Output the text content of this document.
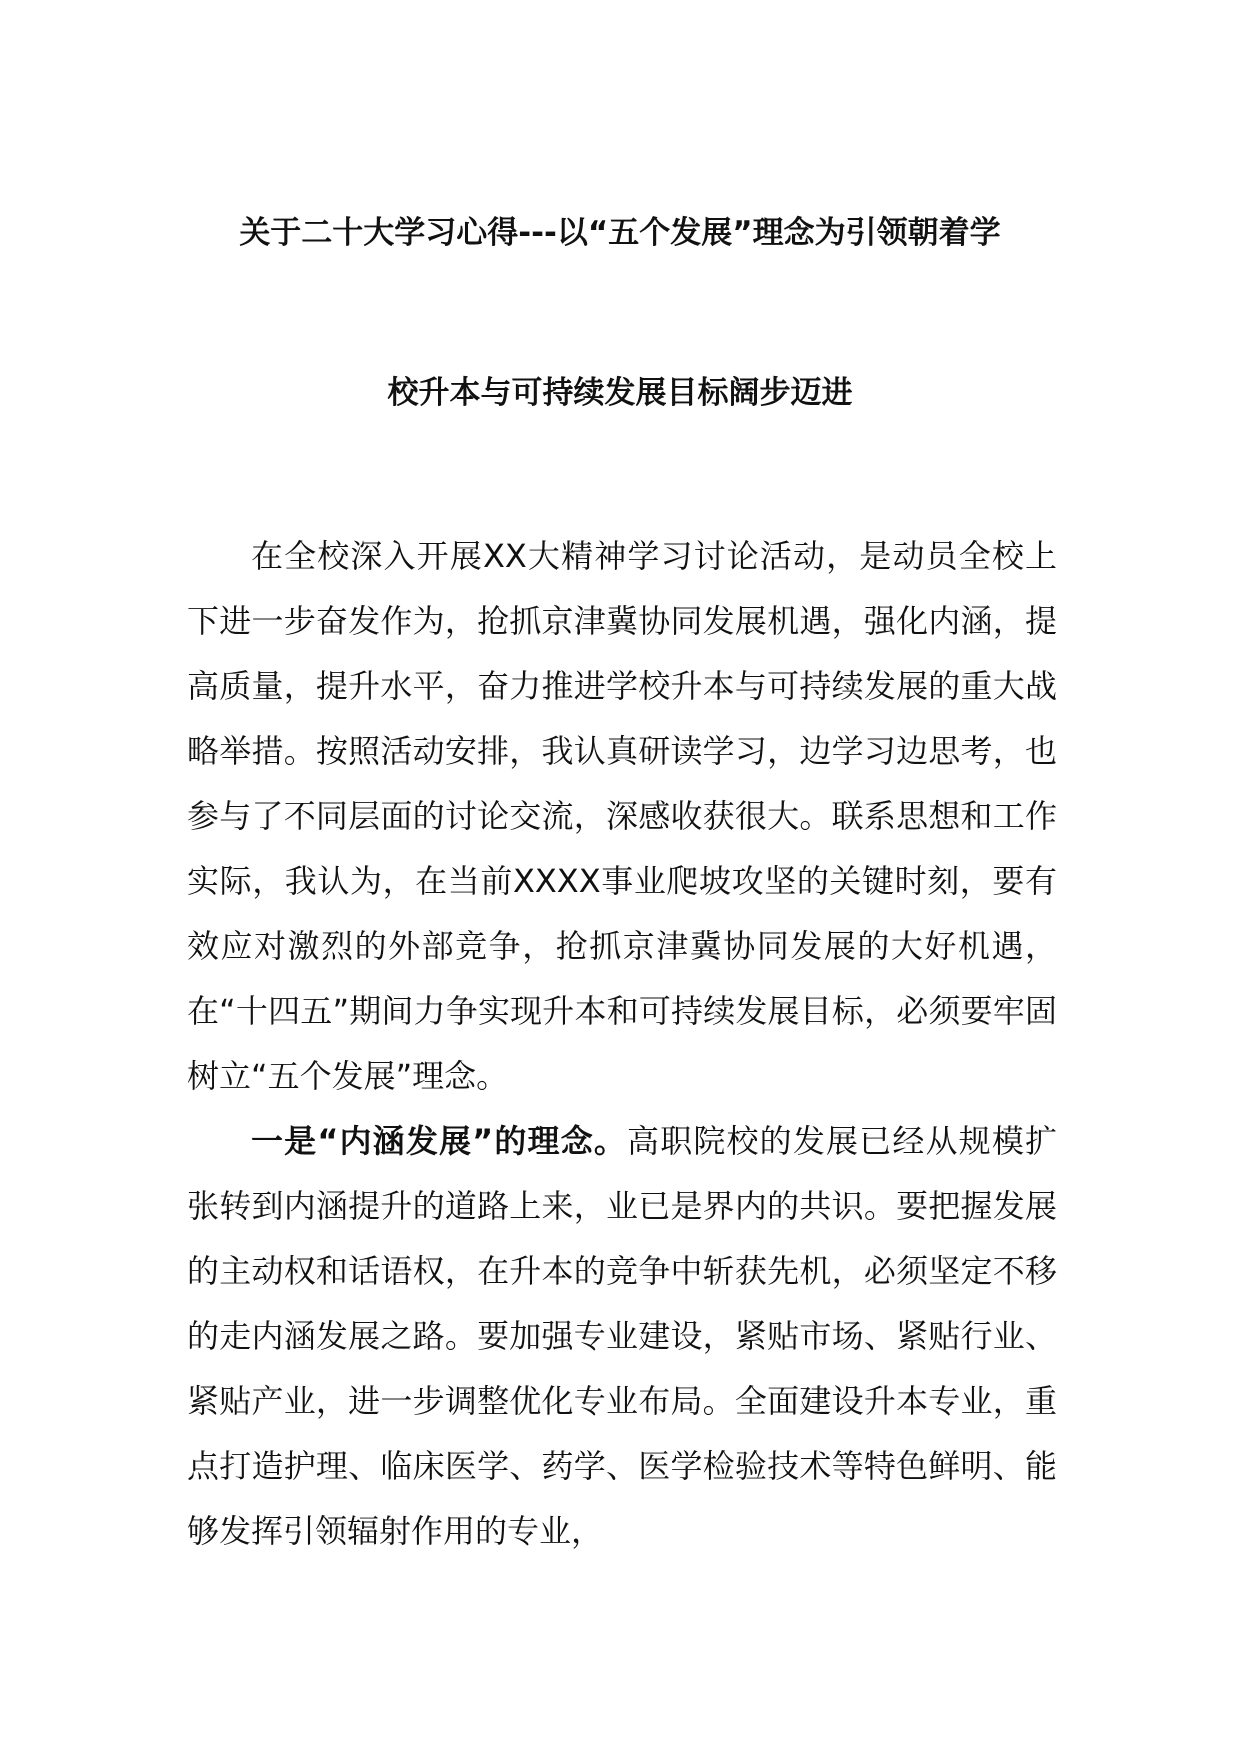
关于二十大学习心得---以“五个发展”理念为引领朝着学
校升本与可持续发展目标阔步迈进

在全校深入开展XX大精神学习讨论活动，是动员全校上下进一步奋发作为，抢抓京津冀协同发展机遇，强化内涵，提高质量，提升水平，奋力推进学校升本与可持续发展的重大战略举措。按照活动安排，我认真研读学习，边学习边思考，也参与了不同层面的讨论交流，深感收获很大。联系思想和工作实际，我认为，在当前XXXX事业爬坡攻坚的关键时刻，要有效应对激烈的外部竞争，抢抓京津冀协同发展的大好机遇，在“十四五”期间力争实现升本和可持续发展目标，必须要牢固树立“五个发展”理念。

一是“内涵发展”的理念。高职院校的发展已经从规模扩张转到内涵提升的道路上来，业已是界内的共识。要把握发展的主动权和话语权，在升本的竞争中斩获先机，必须坚定不移的走内涵发展之路。要加强专业建设，紧贴市场、紧贴行业、紧贴产业，进一步调整优化专业布局。全面建设升本专业，重点打造护理、临床医学、药学、医学检验技术等特色鲜明、能够发挥引领辐射作用的专业，
